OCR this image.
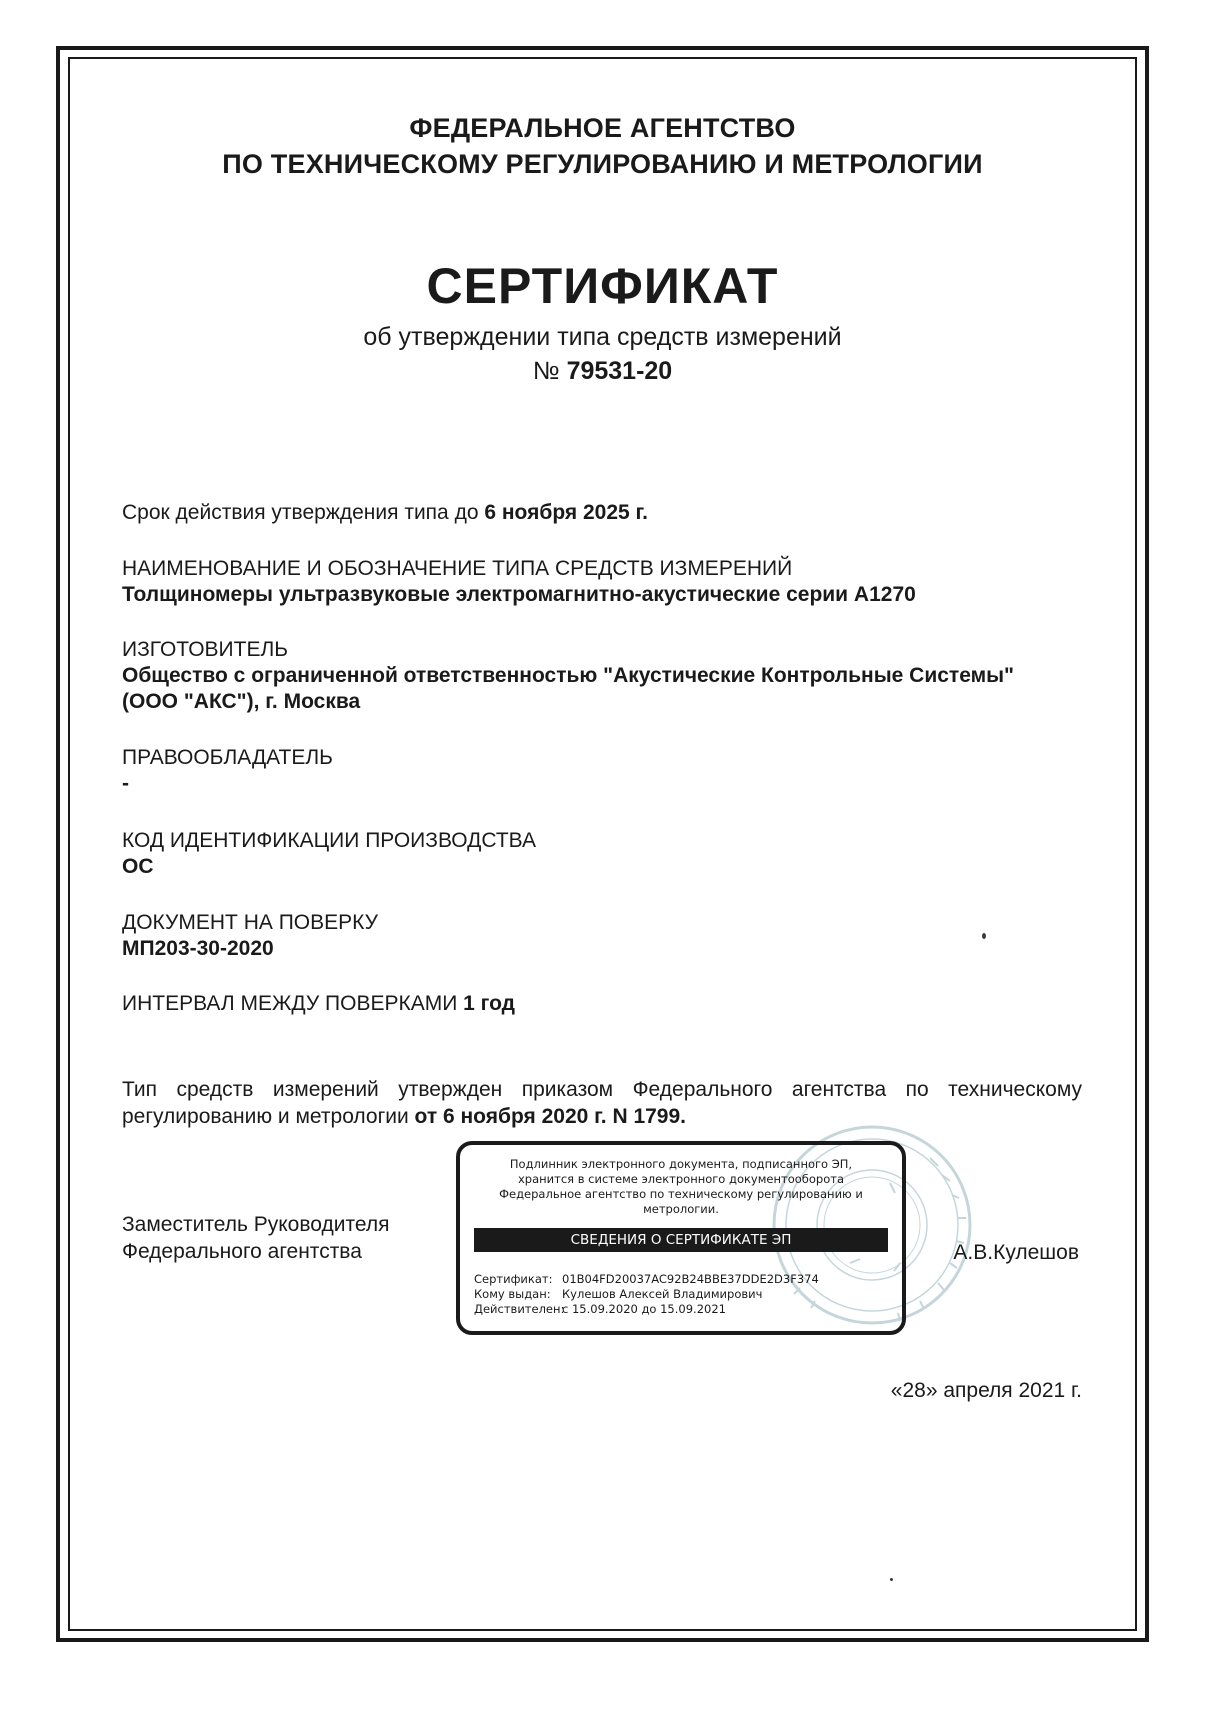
ФЕДЕРАЛЬНОЕ АГЕНТСТВО
ПО ТЕХНИЧЕСКОМУ РЕГУЛИРОВАНИЮ И МЕТРОЛОГИИ
СЕРТИФИКАТ
об утверждении типа средств измерений
№ 79531-20
Срок действия утверждения типа до 6 ноября 2025 г.
НАИМЕНОВАНИЕ И ОБОЗНАЧЕНИЕ ТИПА СРЕДСТВ ИЗМЕРЕНИЙ
Толщиномеры ультразвуковые электромагнитно-акустические серии А1270
ИЗГОТОВИТЕЛЬ
Общество с ограниченной ответственностью "Акустические Контрольные Системы"
(ООО "АКС"), г. Москва
ПРАВООБЛАДАТЕЛЬ
-
КОД ИДЕНТИФИКАЦИИ ПРОИЗВОДСТВА
ОС
ДОКУМЕНТ НА ПОВЕРКУ
МП203-30-2020
ИНТЕРВАЛ МЕЖДУ ПОВЕРКАМИ 1 год
Тип средств измерений утвержден приказом Федерального агентства по техническому регулированию и метрологии от 6 ноября 2020 г. N 1799.
Подлинник электронного документа, подписанного ЭП,
хранится в системе электронного документооборота
Федеральное агентство по техническому регулированию и
метрологии.
СВЕДЕНИЯ О СЕРТИФИКАТЕ ЭП
Сертификат: 01B04FD20037AC92B24BBE37DDE2D3F374
Кому выдан: Кулешов Алексей Владимирович
Действителен:с 15.09.2020 до 15.09.2021
Заместитель Руководителя
Федерального агентства	А.В.Кулешов
«28» апреля 2021 г.
